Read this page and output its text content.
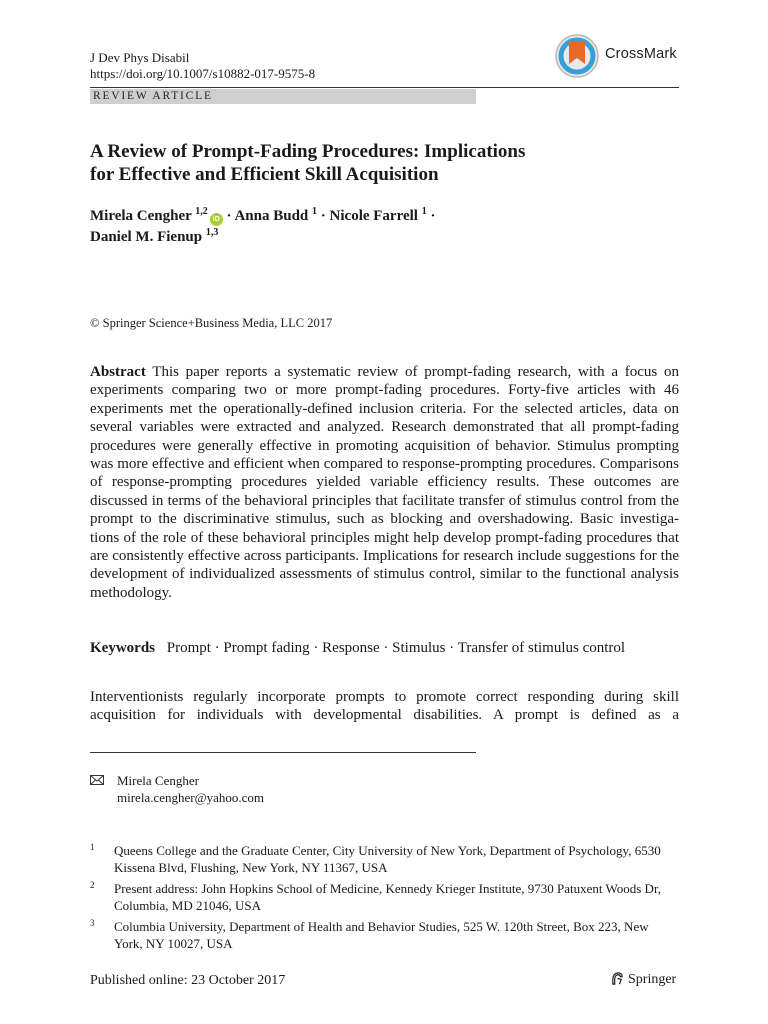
J Dev Phys Disabil
https://doi.org/10.1007/s10882-017-9575-8
CrossMark
REVIEW ARTICLE
A Review of Prompt-Fading Procedures: Implications
for Effective and Efficient Skill Acquisition
Mirela Cengher $^{1,2}$iD · Anna Budd $^1$ · Nicole Farrell $^1$ ·
Daniel M. Fienup $^{1,3}$
© Springer Science+Business Media, LLC 2017
Abstract This paper reports a systematic review of prompt-fading research, with a focus on experiments comparing two or more prompt-fading procedures. Forty-five articles with 46 experiments met the operationally-defined inclusion criteria. For the selected articles, data on several variables were extracted and analyzed. Research demonstrated that all prompt-fading procedures were generally effective in promoting acquisition of behavior. Stimulus prompting was more effective and efficient when compared to response-prompting procedures. Comparisons of response-prompting procedures yielded variable efficiency results. These outcomes are discussed in terms of the behavioral principles that facilitate transfer of stimulus control from the prompt to the discriminative stimulus, such as blocking and overshadowing. Basic investiga- tions of the role of these behavioral principles might help develop prompt-fading procedures that are consistently effective across participants. Implications for research include suggestions for the development of individualized assessments of stimulus control, similar to the functional analysis methodology.
Keywords Prompt · Prompt fading · Response · Stimulus · Transfer of stimulus control
Interventionists regularly incorporate prompts to promote correct responding during skill
acquisition for individuals with developmental disabilities. A prompt is defined as a
Mirela Cengher
mirela.cengher@yahoo.com
1 Queens College and the Graduate Center, City University of New York, Department of Psychology, 6530 Kissena Blvd, Flushing, New York, NY 11367, USA
2 Present address: John Hopkins School of Medicine, Kennedy Krieger Institute, 9730 Patuxent Woods Dr, Columbia, MD 21046, USA
3 Columbia University, Department of Health and Behavior Studies, 525 W. 120th Street, Box 223, New York, NY 10027, USA
Published online: 23 October 2017	Springer
